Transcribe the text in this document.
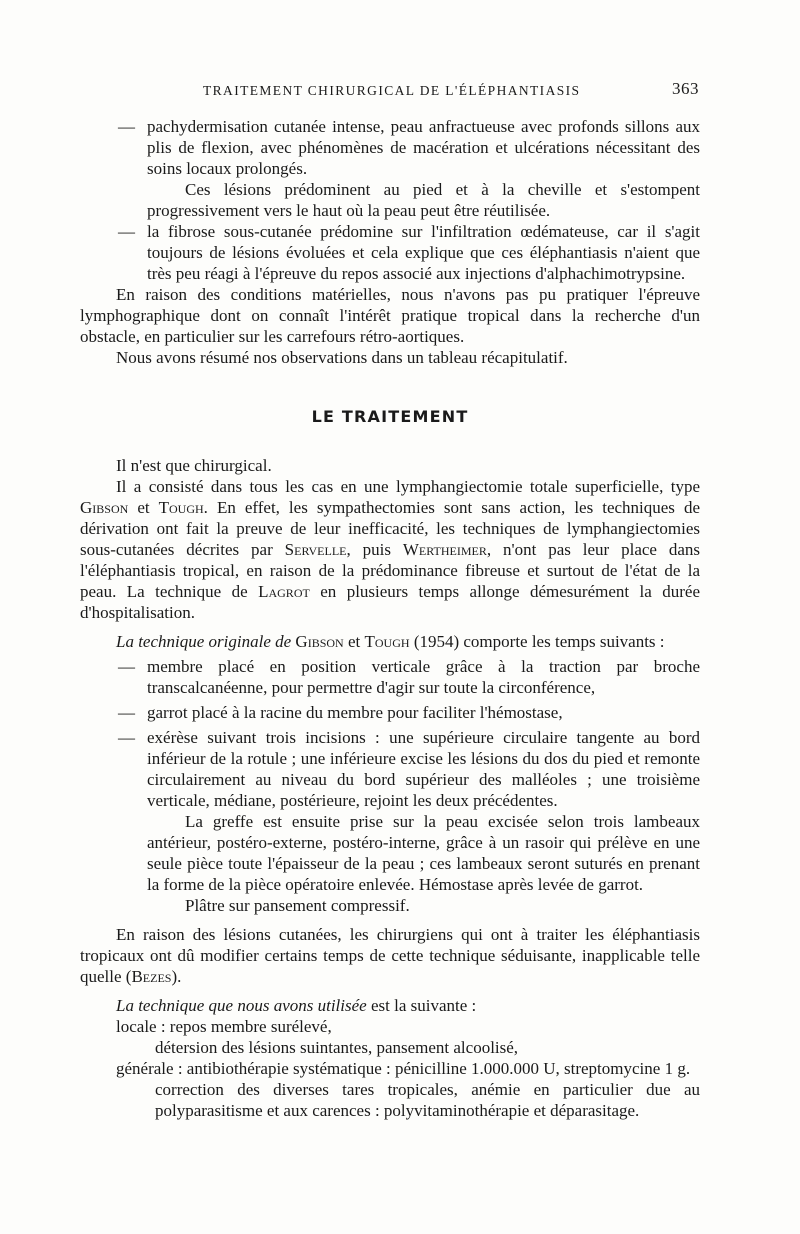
TRAITEMENT CHIRURGICAL DE L'ÉLÉPHANTIASIS	363

— pachydermisation cutanée intense, peau anfractueuse avec profonds sillons aux plis de flexion, avec phénomènes de macération et ulcérations nécessitant des soins locaux prolongés.

Ces lésions prédominent au pied et à la cheville et s'estompent progressivement vers le haut où la peau peut être réutilisée.

— la fibrose sous-cutanée prédomine sur l'infiltration œdémateuse, car il s'agit toujours de lésions évoluées et cela explique que ces éléphantiasis n'aient que très peu réagi à l'épreuve du repos associé aux injections d'alphachimotrypsine.

En raison des conditions matérielles, nous n'avons pas pu pratiquer l'épreuve lymphographique dont on connaît l'intérêt pratique tropical dans la recherche d'un obstacle, en particulier sur les carrefours rétro-aortiques.

Nous avons résumé nos observations dans un tableau récapitulatif.

LE TRAITEMENT

Il n'est que chirurgical.

Il a consisté dans tous les cas en une lymphangiectomie totale superficielle, type Gibson et Tough. En effet, les sympathectomies sont sans action, les techniques de dérivation ont fait la preuve de leur inefficacité, les techniques de lymphangiectomies sous-cutanées décrites par Servelle, puis Wertheimer, n'ont pas leur place dans l'éléphantiasis tropical, en raison de la prédominance fibreuse et surtout de l'état de la peau. La technique de Lagrot en plusieurs temps allonge démesurément la durée d'hospitalisation.

La technique originale de Gibson et Tough (1954) comporte les temps suivants :

— membre placé en position verticale grâce à la traction par broche transcalcanéenne, pour permettre d'agir sur toute la circonférence,

— garrot placé à la racine du membre pour faciliter l'hémostase,

— exérèse suivant trois incisions : une supérieure circulaire tangente au bord inférieur de la rotule ; une inférieure excise les lésions du dos du pied et remonte circulairement au niveau du bord supérieur des malléoles ; une troisième verticale, médiane, postérieure, rejoint les deux précédentes.

La greffe est ensuite prise sur la peau excisée selon trois lambeaux antérieur, postéro-externe, postéro-interne, grâce à un rasoir qui prélève en une seule pièce toute l'épaisseur de la peau ; ces lambeaux seront suturés en prenant la forme de la pièce opératoire enlevée. Hémostase après levée de garrot.

Plâtre sur pansement compressif.

En raison des lésions cutanées, les chirurgiens qui ont à traiter les éléphantiasis tropicaux ont dû modifier certains temps de cette technique séduisante, inapplicable telle quelle (Bezes).

La technique que nous avons utilisée est la suivante :

locale : repos membre surélevé,

détersion des lésions suintantes, pansement alcoolisé,

générale : antibiothérapie systématique : pénicilline 1.000.000 U, streptomycine 1 g.

correction des diverses tares tropicales, anémie en particulier due au polyparasitisme et aux carences : polyvitaminothérapie et déparasitage.
